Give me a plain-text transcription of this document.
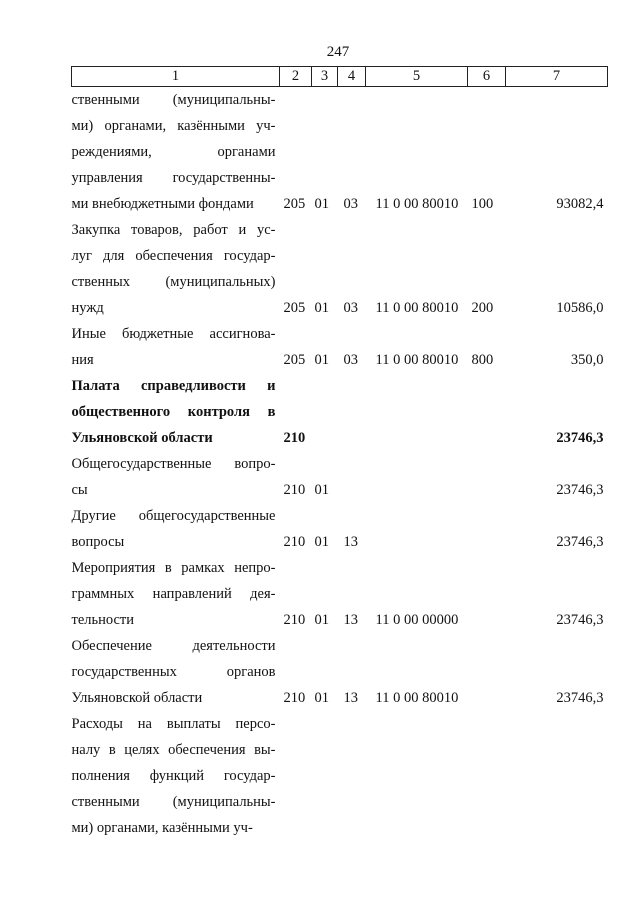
247
1	2	3	4	5	6	7

ственными (муниципальны-
ми) органами, казёнными уч-
реждениями, органами
управления государственны-
ми внебюджетными фондами	205	01	03	11 0 00 80010	100	93082,4

Закупка товаров, работ и ус-
луг для обеспечения государ-
ственных (муниципальных)
нужд	205	01	03	11 0 00 80010	200	10586,0

Иные бюджетные ассигнова-
ния	205	01	03	11 0 00 80010	800	350,0

Палата справедливости и
общественного контроля в
Ульяновской области	210					23746,3

Общегосударственные вопро-
сы	210	01				23746,3

Другие общегосударственные
вопросы	210	01	13			23746,3

Мероприятия в рамках непро-
граммных направлений дея-
тельности	210	01	13	11 0 00 00000		23746,3

Обеспечение деятельности
государственных органов
Ульяновской области	210	01	13	11 0 00 80010		23746,3

Расходы на выплаты персо-
налу в целях обеспечения вы-
полнения функций государ-
ственными (муниципальны-
ми) органами, казёнными уч-						
